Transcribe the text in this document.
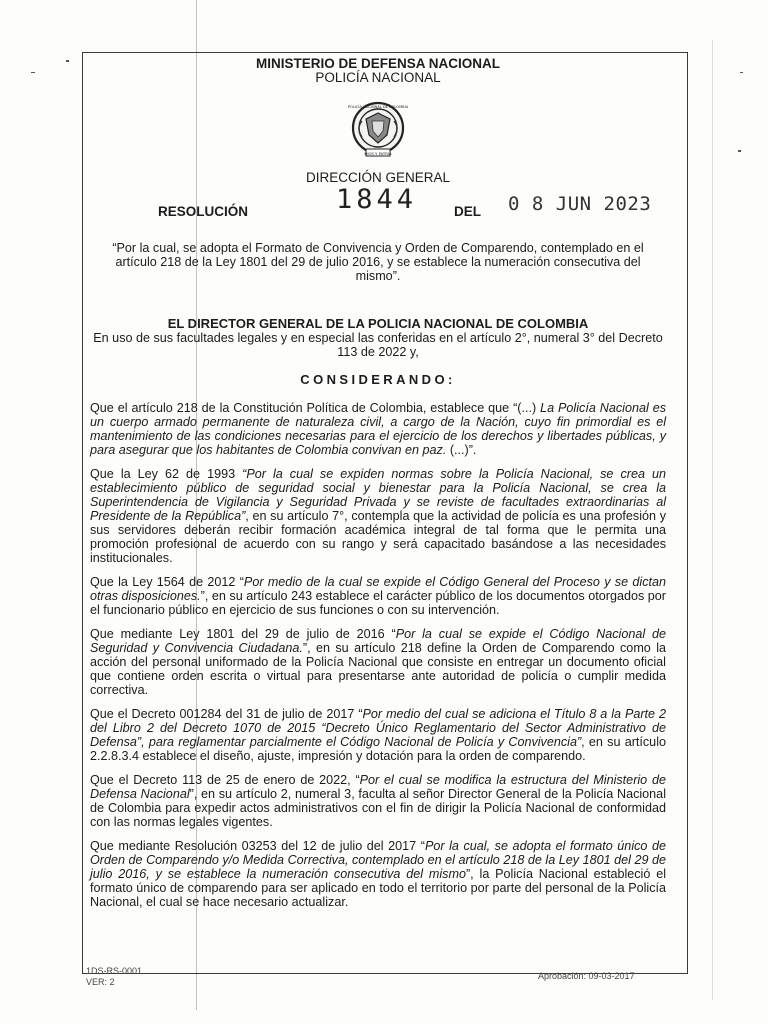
MINISTERIO DE DEFENSA NACIONAL
POLICÍA NACIONAL
DIOS Y PATRIA
POLICÍA NACIONAL DE COLOMBIA
DIRECCIÓN GENERAL
RESOLUCIÓN	1844	DEL 0 8 JUN 2023
“Por la cual, se adopta el Formato de Convivencia y Orden de Comparendo, contemplado en el artículo 218 de la Ley 1801 del 29 de julio 2016, y se establece la numeración consecutiva del mismo”.
EL DIRECTOR GENERAL DE LA POLICIA NACIONAL DE COLOMBIA
En uso de sus facultades legales y en especial las conferidas en el artículo 2°, numeral 3° del Decreto 113 de 2022 y,
CONSIDERANDO:
Que el artículo 218 de la Constitución Política de Colombia, establece que “(...) La Policía Nacional es un cuerpo armado permanente de naturaleza civil, a cargo de la Nación, cuyo fin primordial es el mantenimiento de las condiciones necesarias para el ejercicio de los derechos y libertades públicas, y para asegurar que los habitantes de Colombia convivan en paz. (...)”.
Que la Ley 62 de 1993 “Por la cual se expiden normas sobre la Policía Nacional, se crea un establecimiento público de seguridad social y bienestar para la Policía Nacional, se crea la Superintendencia de Vigilancia y Seguridad Privada y se reviste de facultades extraordinarias al Presidente de la República”, en su artículo 7°, contempla que la actividad de policía es una profesión y sus servidores deberán recibir formación académica integral de tal forma que le permita una promoción profesional de acuerdo con su rango y será capacitado basándose a las necesidades institucionales.
Que la Ley 1564 de 2012 “Por medio de la cual se expide el Código General del Proceso y se dictan otras disposiciones.”, en su artículo 243 establece el carácter público de los documentos otorgados por el funcionario público en ejercicio de sus funciones o con su intervención.
Que mediante Ley 1801 del 29 de julio de 2016 “Por la cual se expide el Código Nacional de Seguridad y Convivencia Ciudadana.”, en su artículo 218 define la Orden de Comparendo como la acción del personal uniformado de la Policía Nacional que consiste en entregar un documento oficial que contiene orden escrita o virtual para presentarse ante autoridad de policía o cumplir medida correctiva.
Que el Decreto 001284 del 31 de julio de 2017 “Por medio del cual se adiciona el Título 8 a la Parte 2 del Libro 2 del Decreto 1070 de 2015 “Decreto Único Reglamentario del Sector Administrativo de Defensa”, para reglamentar parcialmente el Código Nacional de Policía y Convivencia”, en su artículo 2.2.8.3.4 establece el diseño, ajuste, impresión y dotación para la orden de comparendo.
Que el Decreto 113 de 25 de enero de 2022, “Por el cual se modifica la estructura del Ministerio de Defensa Nacional”, en su artículo 2, numeral 3, faculta al señor Director General de la Policía Nacional de Colombia para expedir actos administrativos con el fin de dirigir la Policía Nacional de conformidad con las normas legales vigentes.
Que mediante Resolución 03253 del 12 de julio del 2017 “Por la cual, se adopta el formato único de Orden de Comparendo y/o Medida Correctiva, contemplado en el artículo 218 de la Ley 1801 del 29 de julio 2016, y se establece la numeración consecutiva del mismo”, la Policía Nacional estableció el formato único de comparendo para ser aplicado en todo el territorio por parte del personal de la Policía Nacional, el cual se hace necesario actualizar.
1DS-RS-0001
VER: 2
Aprobación: 09-03-2017
